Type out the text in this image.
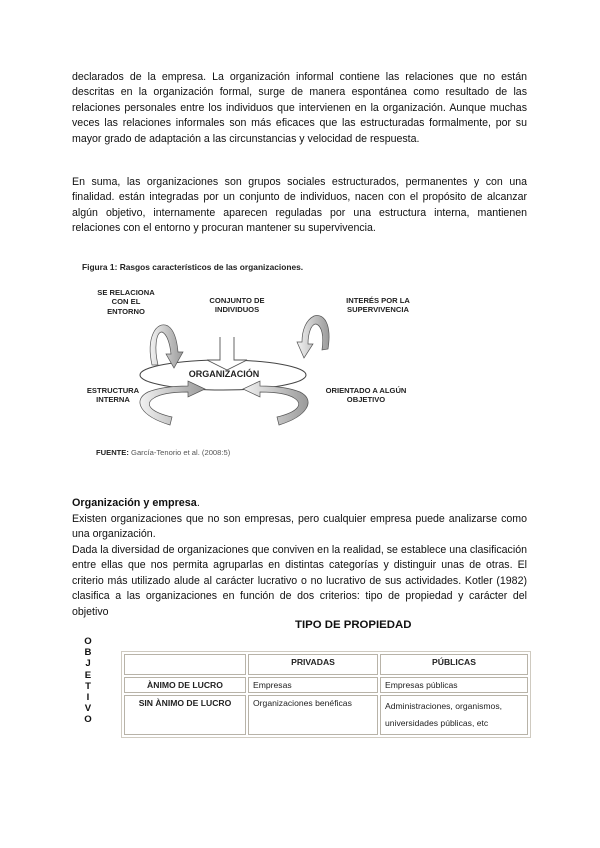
declarados de la empresa. La organización informal contiene las relaciones que no están descritas en la organización formal, surge de manera espontánea como resultado de las relaciones personales entre los individuos que intervienen en la organización. Aunque muchas veces las relaciones informales son más eficaces que las estructuradas formalmente, por su mayor grado de adaptación a las circunstancias y velocidad de respuesta.

En suma, las organizaciones son grupos sociales estructurados, permanentes y con una finalidad. están integradas por un conjunto de individuos, nacen con el propósito de alcanzar algún objetivo, internamente aparecen reguladas por una estructura interna, mantienen relaciones con el entorno y procuran mantener su supervivencia.

Figura 1: Rasgos característicos de las organizaciones.
ORGANIZACIÓN
SE RELACIONA CON EL ENTORNO
CONJUNTO DE INDIVIDUOS
INTERÉS POR LA SUPERVIVENCIA
ESTRUCTURA INTERNA
ORIENTADO A ALGÚN OBJETIVO
FUENTE: García-Tenorio et al. (2008:5)

Organización y empresa.

Existen organizaciones que no son empresas, pero cualquier empresa puede analizarse como una organización.

Dada la diversidad de organizaciones que conviven en la realidad, se establece una clasificación entre ellas que nos permita agruparlas en distintas categorías y distinguir unas de otras. El criterio más utilizado alude al carácter lucrativo o no lucrativo de sus actividades. Kotler (1982) clasifica a las organizaciones en función de dos criterios: tipo de propiedad y carácter del objetivo

TIPO DE PROPIEDAD
O
B
J
E
T
I
V
O
	PRIVADAS	PÚBLICAS
ÀNIMO DE LUCRO	Empresas	Empresas públicas
SIN ÀNIMO DE LUCRO	Organizaciones benéficas	Administraciones, organismos, universidades públicas, etc
